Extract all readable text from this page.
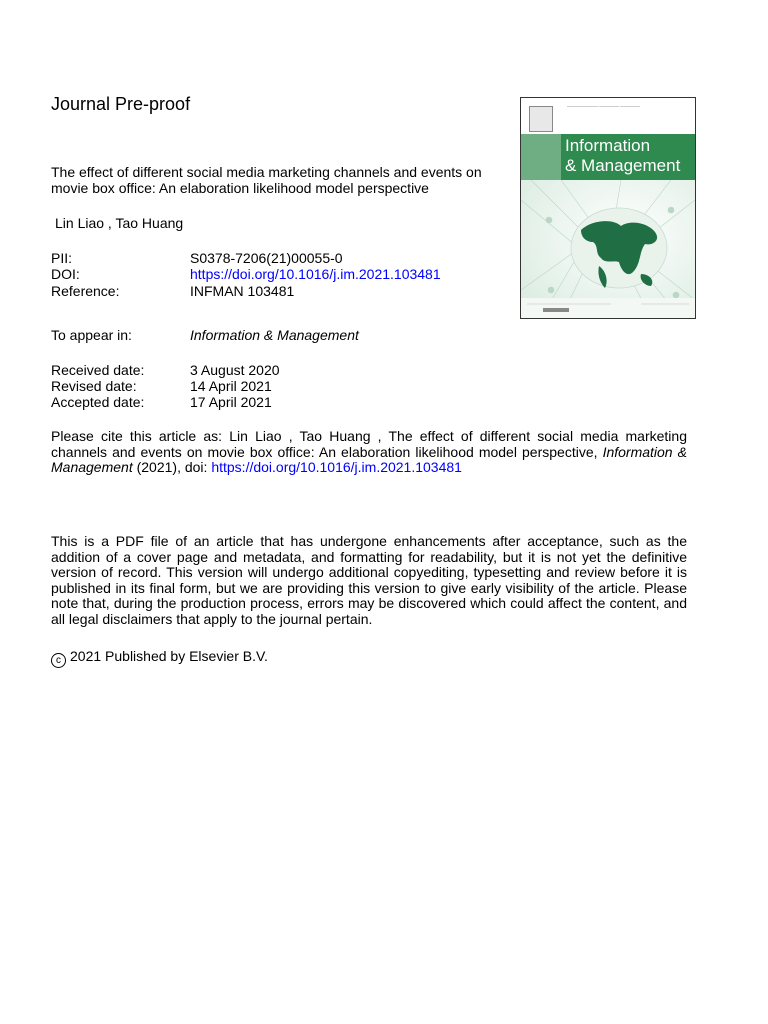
Journal Pre-proof
The effect of different social media marketing channels and events on movie box office: An elaboration likelihood model perspective
Lin Liao , Tao Huang
PII:	S0378-7206(21)00055-0
DOI:	https://doi.org/10.1016/j.im.2021.103481
Reference:	INFMAN 103481
To appear in:	Information & Management
Received date:	3 August 2020
Revised date:	14 April 2021
Accepted date:	17 April 2021
Please cite this article as: Lin Liao , Tao Huang , The effect of different social media marketing channels and events on movie box office: An elaboration likelihood model perspective, Information & Management (2021), doi: https://doi.org/10.1016/j.im.2021.103481
This is a PDF file of an article that has undergone enhancements after acceptance, such as the addition of a cover page and metadata, and formatting for readability, but it is not yet the definitive version of record. This version will undergo additional copyediting, typesetting and review before it is published in its final form, but we are providing this version to give early visibility of the article. Please note that, during the production process, errors may be discovered which could affect the content, and all legal disclaimers that apply to the journal pertain.
c 2021 Published by Elsevier B.V.
─────────── ─────── ───────
Information
& Management
